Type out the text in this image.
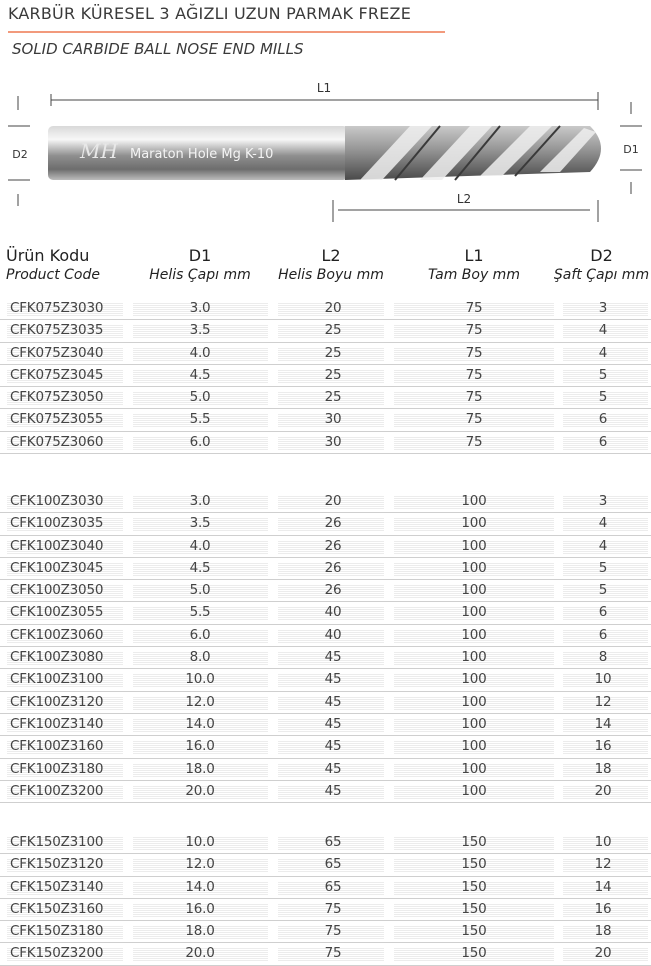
KARBÜR KÜRESEL 3 AĞIZLI UZUN PARMAK FREZE
SOLID CARBIDE BALL NOSE END MILLS
L1
D2	D1
MH Maraton Hole Mg K-10
L2
Ürün Kodu
Product Code
D1
Helis Çapı mm
L2
Helis Boyu mm
L1
Tam Boy mm
D2
Şaft Çapı mm
CFK075Z3030	3.0	20	75	3
CFK075Z3035	3.5	25	75	4
CFK075Z3040	4.0	25	75	4
CFK075Z3045	4.5	25	75	5
CFK075Z3050	5.0	25	75	5
CFK075Z3055	5.5	30	75	6
CFK075Z3060	6.0	30	75	6
CFK100Z3030	3.0	20	100	3
CFK100Z3035	3.5	26	100	4
CFK100Z3040	4.0	26	100	4
CFK100Z3045	4.5	26	100	5
CFK100Z3050	5.0	26	100	5
CFK100Z3055	5.5	40	100	6
CFK100Z3060	6.0	40	100	6
CFK100Z3080	8.0	45	100	8
CFK100Z3100	10.0	45	100	10
CFK100Z3120	12.0	45	100	12
CFK100Z3140	14.0	45	100	14
CFK100Z3160	16.0	45	100	16
CFK100Z3180	18.0	45	100	18
CFK100Z3200	20.0	45	100	20
CFK150Z3100	10.0	65	150	10
CFK150Z3120	12.0	65	150	12
CFK150Z3140	14.0	65	150	14
CFK150Z3160	16.0	75	150	16
CFK150Z3180	18.0	75	150	18
CFK150Z3200	20.0	75	150	20
